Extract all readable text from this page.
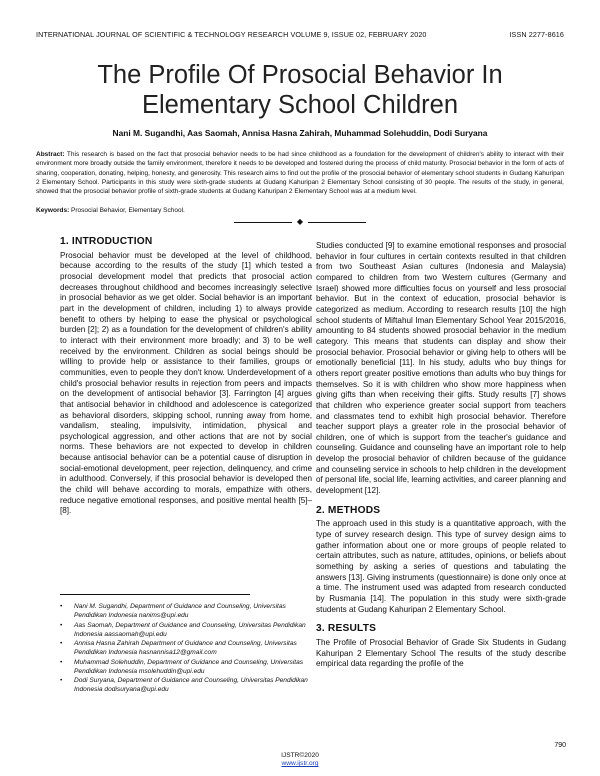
INTERNATIONAL JOURNAL OF SCIENTIFIC & TECHNOLOGY RESEARCH VOLUME 9, ISSUE 02, FEBRUARY 2020	ISSN 2277-8616
The Profile Of Prosocial Behavior In Elementary School Children
Nani M. Sugandhi, Aas Saomah, Annisa Hasna Zahirah, Muhammad Solehuddin, Dodi Suryana
Abstract: This research is based on the fact that prosocial behavior needs to be had since childhood as a foundation for the development of children's ability to interact with their environment more broadly outside the family environment, therefore it needs to be developed and fostered during the process of child maturity. Prosocial behavior in the form of acts of sharing, cooperation, donating, helping, honesty, and generosity. This research aims to find out the profile of the prosocial behavior of elementary school students in Gudang Kahuripan 2 Elementary School. Participants in this study were sixth-grade students at Gudang Kahuripan 2 Elementary School consisting of 30 people. The results of the study, in general, showed that the prosocial behavior profile of sixth-grade students at Gudang Kahuripan 2 Elementary School was at a medium level.
Keywords: Prosocial Behavior, Elementary School.
◆
1. INTRODUCTION

Prosocial behavior must be developed at the level of childhood, because according to the results of the study [1] which tested a prosocial development model that predicts that prosocial action decreases throughout childhood and becomes increasingly selective in prosocial behavior as we get older. Social behavior is an important part in the development of children, including 1) to always provide benefit to others by helping to ease the physical or psychological burden [2]; 2) as a foundation for the development of children's ability to interact with their environment more broadly; and 3) to be well received by the environment. Children as social beings should be willing to provide help or assistance to their families, groups or communities, even to people they don't know. Underdevelopment of a child's prosocial behavior results in rejection from peers and impacts on the development of antisocial behavior [3]. Farrington [4] argues that antisocial behavior in childhood and adolescence is categorized as behavioral disorders, skipping school, running away from home, vandalism, stealing, impulsivity, intimidation, physical and psychological aggression, and other actions that are not by social norms. These behaviors are not expected to develop in children because antisocial behavior can be a potential cause of disruption in social-emotional development, peer rejection, delinquency, and crime in adulthood. Conversely, if this prosocial behavior is developed then the child will behave according to morals, empathize with others, reduce negative emotional responses, and positive mental health [5]–[8].

• Nani M. Sugandhi, Department of Guidance and Counseling, Universitas Pendidikan Indonesia nanims@upi.edu
• Aas Saomah, Department of Guidance and Counseling, Universitas Pendidikan Indonesia aassaomah@upi.edu
• Annisa Hasna Zahirah Department of Guidance and Counseling, Universitas Pendidikan Indonesia hasnannisa12@gmail.com
• Muhammad Solehuddin, Department of Guidance and Counseling, Universitas Pendidikan Indonesia msolehuddin@upi.edu
• Dodi Suryana, Department of Guidance and Counseling, Universitas Pendidikan Indonesia dodisuryana@upi.edu

Studies conducted [9] to examine emotional responses and prosocial behavior in four cultures in certain contexts resulted in that children from two Southeast Asian cultures (Indonesia and Malaysia) compared to children from two Western cultures (Germany and Israel) showed more difficulties focus on yourself and less prosocial behavior. But in the context of education, prosocial behavior is categorized as medium. According to research results [10] the high school students of Miftahul Iman Elementary School Year 2015/2016, amounting to 84 students showed prosocial behavior in the medium category. This means that students can display and show their prosocial behavior. Prosocial behavior or giving help to others will be emotionally beneficial [11]. In his study, adults who buy things for others report greater positive emotions than adults who buy things for themselves. So it is with children who show more happiness when giving gifts than when receiving their gifts. Study results [7] shows that children who experience greater social support from teachers and classmates tend to exhibit high prosocial behavior. Therefore teacher support plays a greater role in the prosocial behavior of children, one of which is support from the teacher's guidance and counseling. Guidance and counseling have an important role to help develop the prosocial behavior of children because of the guidance and counseling service in schools to help children in the development of personal life, social life, learning activities, and career planning and development [12].

2. METHODS

The approach used in this study is a quantitative approach, with the type of survey research design. This type of survey design aims to gather information about one or more groups of people related to certain attributes, such as nature, attitudes, opinions, or beliefs about something by asking a series of questions and tabulating the answers [13]. Giving instruments (questionnaire) is done only once at a time. The instrument used was adapted from research conducted by Rusmania [14]. The population in this study were sixth-grade students at Gudang Kahuripan 2 Elementary School.

3. RESULTS

The Profile of Prosocial Behavior of Grade Six Students in Gudang Kahuripan 2 Elementary School The results of the study describe empirical data regarding the profile of the

790
IJSTR©2020
www.ijstr.org
